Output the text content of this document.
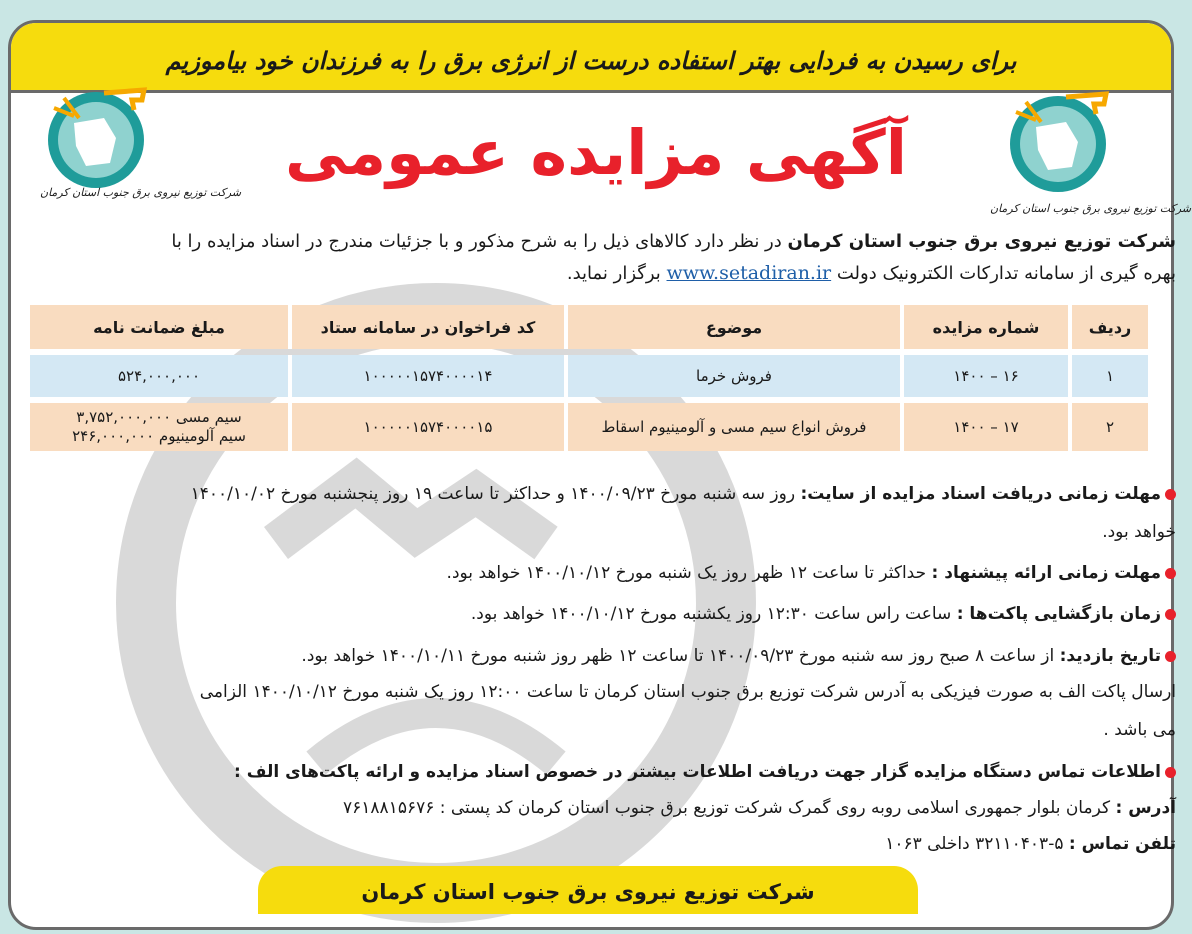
برای رسیدن به فردایی بهتر استفاده درست از انرژی برق را به فرزندان خود بیاموزیم
شرکت توزیع نیروی برق جنوب استان کرمان
شرکت توزیع نیروی برق جنوب استان کرمان
آگهی مزایده عمومی
شرکت توزیع نیروی برق جنوب استان کرمان در نظر دارد کالاهای ذیل را به شرح مذکور و با جزئیات مندرج در اسناد مزایده را با
بهره گیری از سامانه تدارکات الکترونیک دولت www.setadiran.ir برگزار نماید.
ردیف	شماره مزایده	موضوع	کد فراخوان در سامانه ستاد	مبلغ ضمانت نامه
۱	۱۶ – ۱۴۰۰	فروش خرما	۱۰۰۰۰۰۱۵۷۴۰۰۰۰۱۴	۵۲۴,۰۰۰,۰۰۰
۲	۱۷ – ۱۴۰۰	فروش انواع سیم مسی و آلومینیوم اسقاط	۱۰۰۰۰۰۱۵۷۴۰۰۰۰۱۵	سیم مسی ۳,۷۵۲,۰۰۰,۰۰۰
سیم آلومینیوم ۲۴۶,۰۰۰,۰۰۰
مهلت زمانی دریافت اسناد مزایده از سایت: روز سه شنبه مورخ ۱۴۰۰/۰۹/۲۳ و حداکثر تا ساعت ۱۹ روز پنجشنبه مورخ ۱۴۰۰/۱۰/۰۲
خواهد بود.
مهلت زمانی ارائه پیشنهاد : حداکثر تا ساعت ۱۲ ظهر روز یک شنبه مورخ ۱۴۰۰/۱۰/۱۲ خواهد بود.
زمان بازگشایی پاکت‌ها : ساعت راس ساعت ۱۲:۳۰ روز یکشنبه مورخ ۱۴۰۰/۱۰/۱۲ خواهد بود.
تاریخ بازدید: از ساعت ۸ صبح روز سه شنبه مورخ ۱۴۰۰/۰۹/۲۳ تا ساعت ۱۲ ظهر روز شنبه مورخ ۱۴۰۰/۱۰/۱۱ خواهد بود.
ارسال پاکت الف به صورت فیزیکی به آدرس شرکت توزیع برق جنوب استان کرمان تا ساعت ۱۲:۰۰ روز یک شنبه مورخ ۱۴۰۰/۱۰/۱۲ الزامی
می باشد .
اطلاعات تماس دستگاه مزایده گزار جهت دریافت اطلاعات بیشتر در خصوص اسناد مزایده و ارائه پاکت‌های الف :
آدرس : کرمان بلوار جمهوری اسلامی روبه روی گمرک شرکت توزیع برق جنوب استان کرمان کد پستی : ۷۶۱۸۸۱۵۶۷۶
تلفن تماس : ۵-۳۲۱۱۰۴۰۳ داخلی ۱۰۶۳
شرکت توزیع نیروی برق جنوب استان کرمان
